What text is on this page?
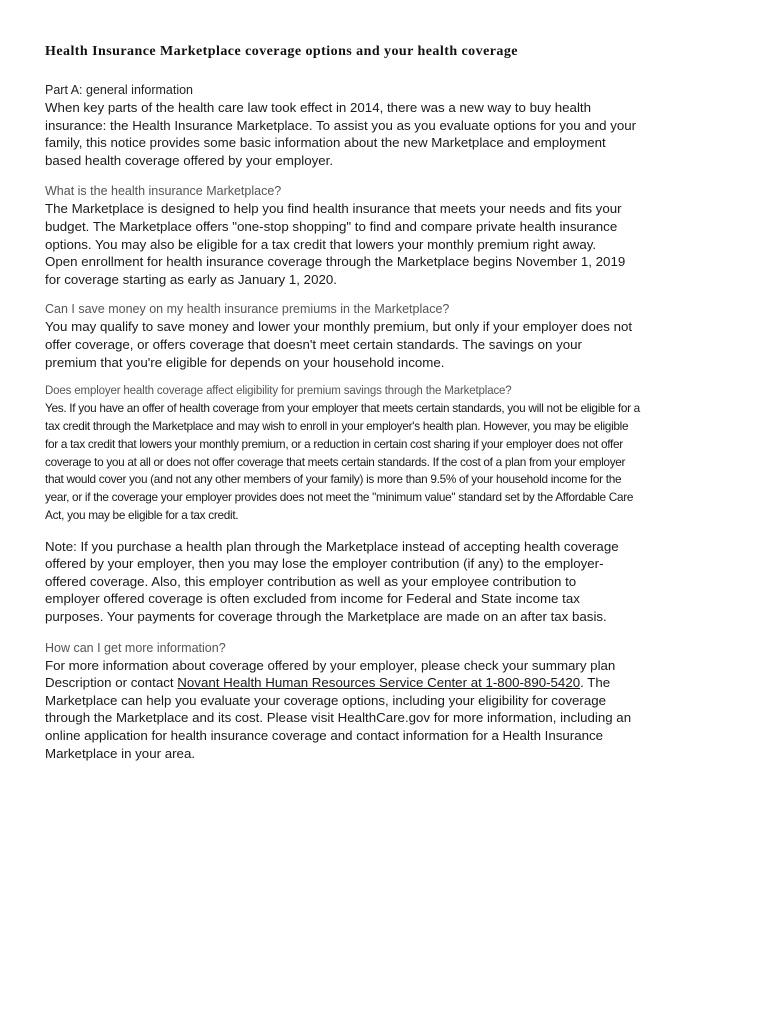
Health Insurance Marketplace coverage options and your health coverage
Part A: general information
When key parts of the health care law took effect in 2014, there was a new way to buy health
insurance: the Health Insurance Marketplace. To assist you as you evaluate options for you and your
family, this notice provides some basic information about the new Marketplace and employment
based health coverage offered by your employer.
What is the health insurance Marketplace?
The Marketplace is designed to help you find health insurance that meets your needs and fits your
budget. The Marketplace offers "one-stop shopping" to find and compare private health insurance
options. You may also be eligible for a tax credit that lowers your monthly premium right away.
Open enrollment for health insurance coverage through the Marketplace begins November 1, 2019
for coverage starting as early as January 1, 2020.
Can I save money on my health insurance premiums in the Marketplace?
You may qualify to save money and lower your monthly premium, but only if your employer does not
offer coverage, or offers coverage that doesn't meet certain standards. The savings on your
premium that you're eligible for depends on your household income.
Does employer health coverage affect eligibility for premium savings through the Marketplace?
Yes. If you have an offer of health coverage from your employer that meets certain standards, you will not be eligible for a
tax credit through the Marketplace and may wish to enroll in your employer's health plan. However, you may be eligible
for a tax credit that lowers your monthly premium, or a reduction in certain cost sharing if your employer does not offer
coverage to you at all or does not offer coverage that meets certain standards. If the cost of a plan from your employer
that would cover you (and not any other members of your family) is more than 9.5% of your household income for the
year, or if the coverage your employer provides does not meet the "minimum value" standard set by the Affordable Care
Act, you may be eligible for a tax credit.
Note: If you purchase a health plan through the Marketplace instead of accepting health coverage
offered by your employer, then you may lose the employer contribution (if any) to the employer-
offered coverage. Also, this employer contribution as well as your employee contribution to
employer offered coverage is often excluded from income for Federal and State income tax
purposes. Your payments for coverage through the Marketplace are made on an after tax basis.
How can I get more information?
For more information about coverage offered by your employer, please check your summary plan
Description or contact Novant Health Human Resources Service Center at 1-800-890-5420. The
Marketplace can help you evaluate your coverage options, including your eligibility for coverage
through the Marketplace and its cost. Please visit HealthCare.gov for more information, including an
online application for health insurance coverage and contact information for a Health Insurance
Marketplace in your area.
